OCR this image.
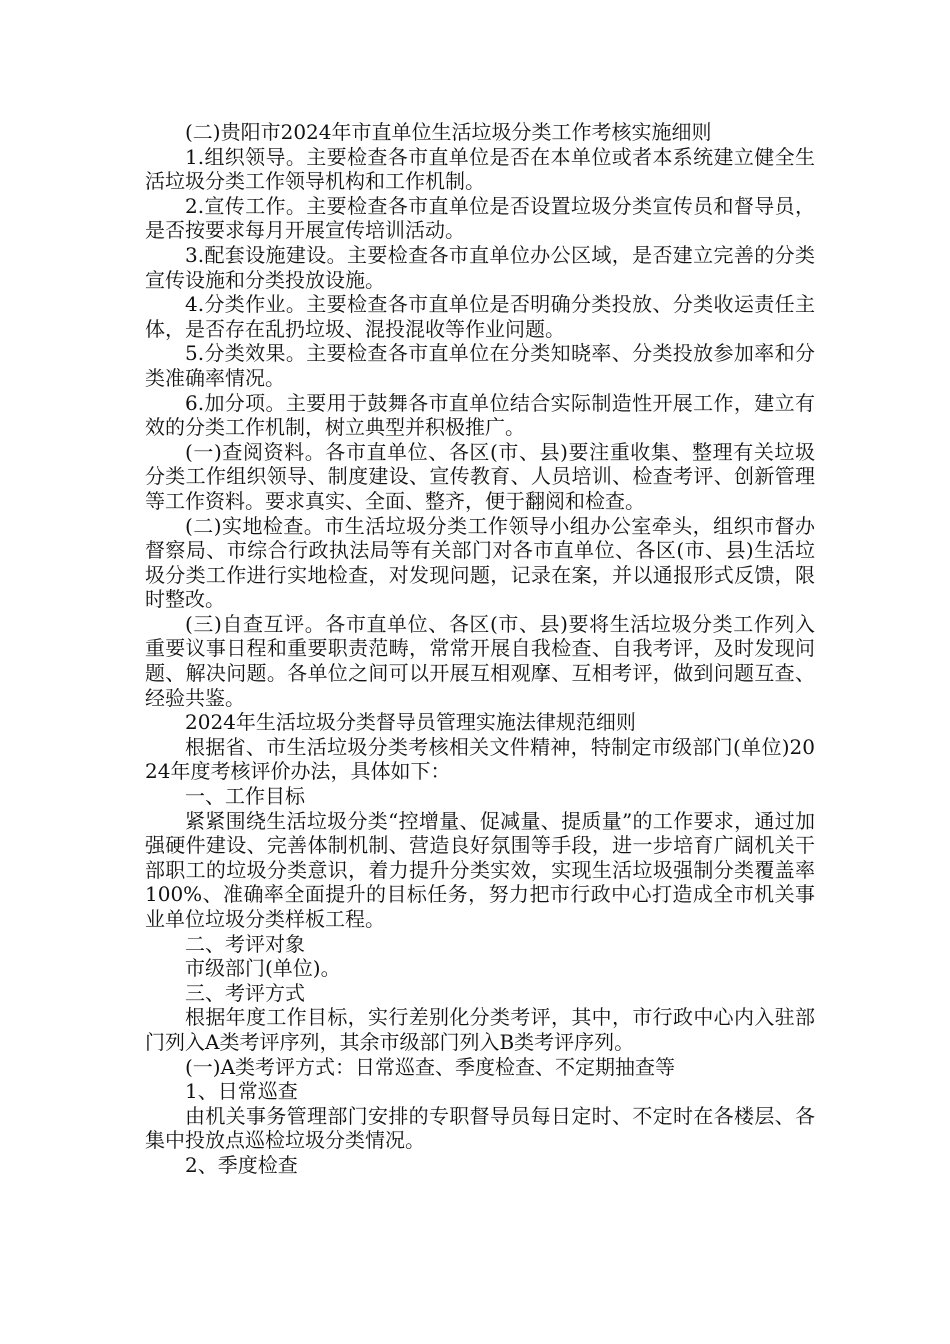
(二)贵阳市2024年市直单位生活垃圾分类工作考核实施细则

1.组织领导。主要检查各市直单位是否在本单位或者本系统建立健全生活垃圾分类工作领导机构和工作机制。

2.宣传工作。主要检查各市直单位是否设置垃圾分类宣传员和督导员，是否按要求每月开展宣传培训活动。

3.配套设施建设。主要检查各市直单位办公区域，是否建立完善的分类宣传设施和分类投放设施。

4.分类作业。主要检查各市直单位是否明确分类投放、分类收运责任主体，是否存在乱扔垃圾、混投混收等作业问题。

5.分类效果。主要检查各市直单位在分类知晓率、分类投放参加率和分类准确率情况。

6.加分项。主要用于鼓舞各市直单位结合实际制造性开展工作，建立有效的分类工作机制，树立典型并积极推广。

(一)查阅资料。各市直单位、各区(市、县)要注重收集、整理有关垃圾分类工作组织领导、制度建设、宣传教育、人员培训、检查考评、创新管理等工作资料。要求真实、全面、整齐，便于翻阅和检查。

(二)实地检查。市生活垃圾分类工作领导小组办公室牵头，组织市督办督察局、市综合行政执法局等有关部门对各市直单位、各区(市、县)生活垃圾分类工作进行实地检查，对发现问题，记录在案，并以通报形式反馈，限时整改。

(三)自查互评。各市直单位、各区(市、县)要将生活垃圾分类工作列入重要议事日程和重要职责范畴，常常开展自我检查、自我考评，及时发现问题、解决问题。各单位之间可以开展互相观摩、互相考评，做到问题互查、经验共鉴。

2024年生活垃圾分类督导员管理实施法律规范细则

根据省、市生活垃圾分类考核相关文件精神，特制定市级部门(单位)2024年度考核评价办法，具体如下：

一、工作目标

紧紧围绕生活垃圾分类“控增量、促减量、提质量”的工作要求，通过加强硬件建设、完善体制机制、营造良好氛围等手段，进一步培育广阔机关干部职工的垃圾分类意识，着力提升分类实效，实现生活垃圾强制分类覆盖率100%、准确率全面提升的目标任务，努力把市行政中心打造成全市机关事业单位垃圾分类样板工程。

二、考评对象

市级部门(单位)。

三、考评方式

根据年度工作目标，实行差别化分类考评，其中，市行政中心内入驻部门列入A类考评序列，其余市级部门列入B类考评序列。

(一)A类考评方式：日常巡查、季度检查、不定期抽查等

1、日常巡查

由机关事务管理部门安排的专职督导员每日定时、不定时在各楼层、各集中投放点巡检垃圾分类情况。

2、季度检查
